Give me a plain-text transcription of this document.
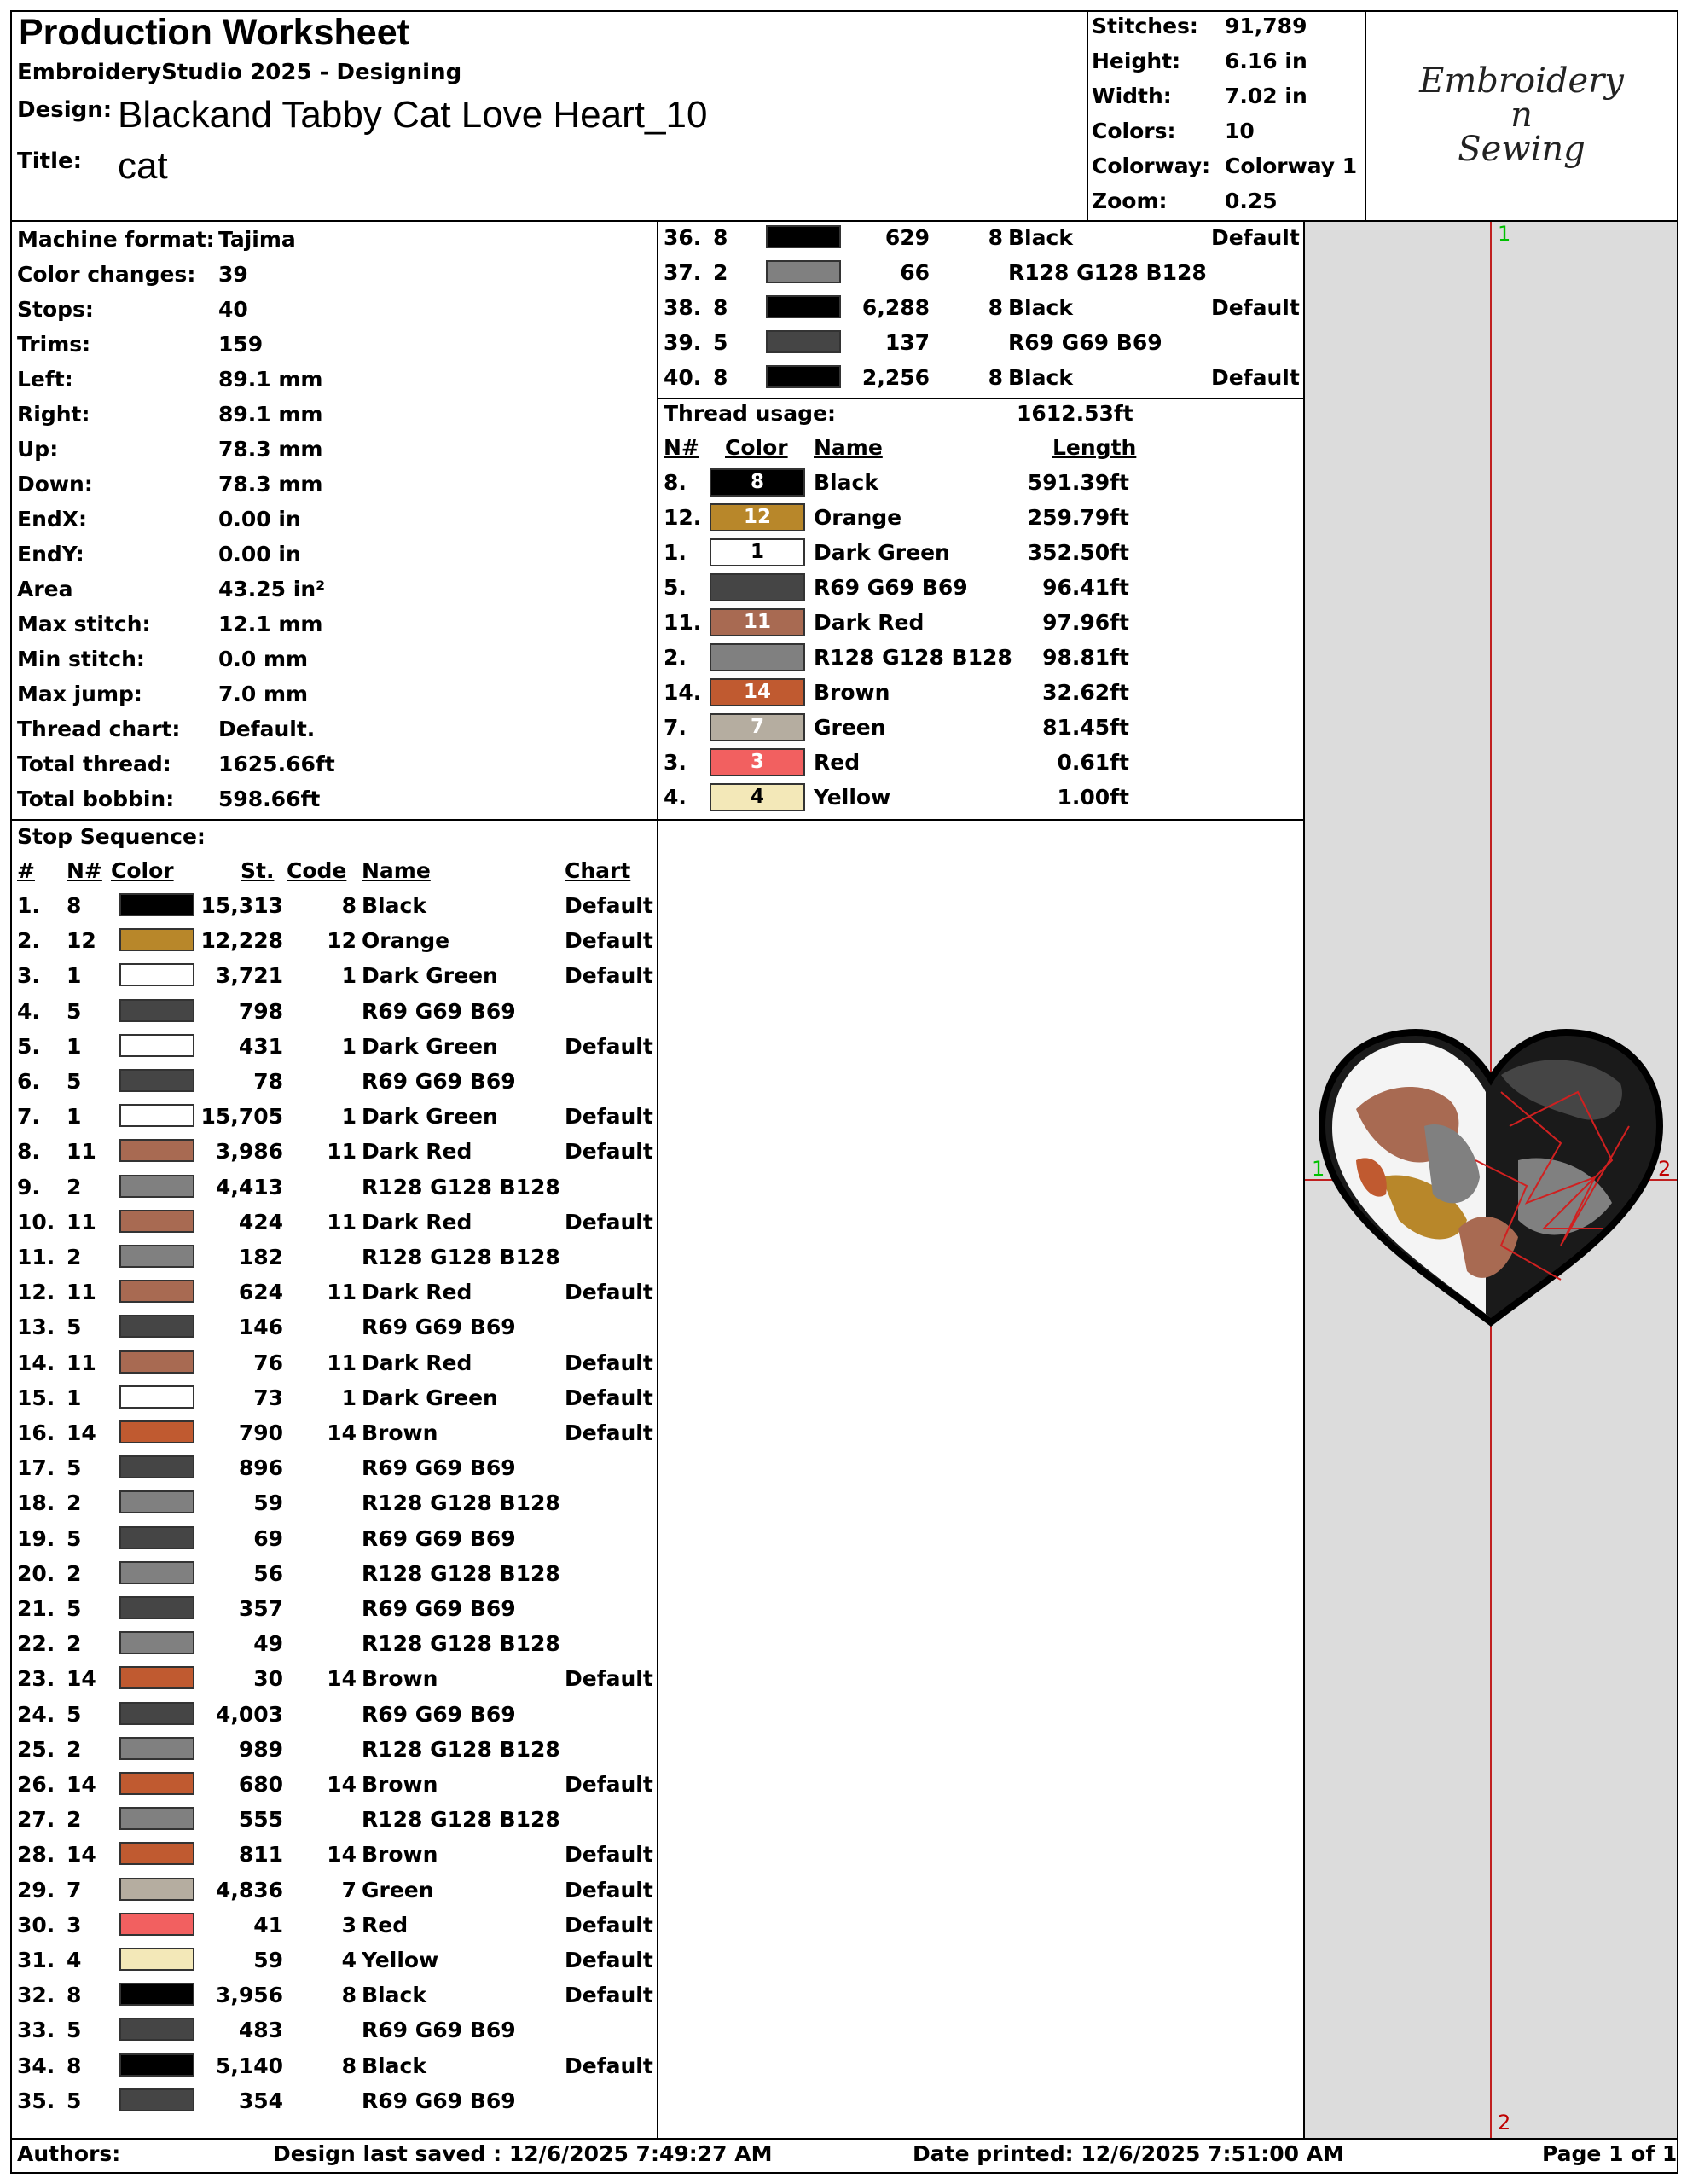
Production Worksheet
EmbroideryStudio 2025 - Designing
Design: Blackand Tabby Cat Love Heart_10
Title: cat
Stitches: 91,789
Height: 6.16 in
Width: 7.02 in
Colors: 10
Colorway: Colorway 1
Zoom:	0.25
Embroidery
n
Sewing
Machine format: Tajima
Color changes: 39
Stops:	40
Trims:	159
Left:	89.1 mm
Right:	89.1 mm
Up:	78.3 mm
Down:	78.3 mm
EndX:	0.00 in
EndY:	0.00 in
Area	43.25 in²
Max stitch:	12.1 mm
Min stitch:	0.0 mm
Max jump:	7.0 mm
Thread chart: Default.
Total thread: 1625.66ft
Total bobbin: 598.66ft
Stop Sequence:
# N# Color	St. Code Name	Chart
1. 8	15,313	8 Black	Default
2. 12	12,228 12 Orange	Default
3. 1	3,721	1 Dark Green	Default
4. 5	798	R69 G69 B69
5. 1	431	1 Dark Green	Default
6. 5	78	R69 G69 B69
7. 1	15,705	1 Dark Green	Default
8. 11	3,986 11 Dark Red	Default
9. 2	4,413	R128 G128 B128
10. 11	424 11 Dark Red	Default
11. 2	182	R128 G128 B128
12. 11	624 11 Dark Red	Default
13. 5	146	R69 G69 B69
14. 11	76 11 Dark Red	Default
15. 1	73	1 Dark Green	Default
16. 14	790 14 Brown	Default
17. 5	896	R69 G69 B69
18. 2	59	R128 G128 B128
19. 5	69	R69 G69 B69
20. 2	56	R128 G128 B128
21. 5	357	R69 G69 B69
22. 2	49	R128 G128 B128
23. 14	30 14 Brown	Default
24. 5	4,003	R69 G69 B69
25. 2	989	R128 G128 B128
26. 14	680 14 Brown	Default
27. 2	555	R128 G128 B128
28. 14	811 14 Brown	Default
29. 7	4,836	7 Green	Default
30. 3	41	3 Red	Default
31. 4	59	4 Yellow	Default
32. 8	3,956	8 Black	Default
33. 5	483	R69 G69 B69
34. 8	5,140	8 Black	Default
35. 5	354	R69 G69 B69
36. 8	629	8 Black	Default
37. 2	66	R128 G128 B128
38. 8	6,288	8 Black	Default
39. 5	137	R69 G69 B69
40. 8	2,256	8 Black	Default
Thread usage:	1612.53ft
N# Color Name	Length
8.	8	Black	591.39ft
12.	12	Orange	259.79ft
1.	1	Dark Green	352.50ft
5.	R69 G69 B69	96.41ft
11.	11	Dark Red	97.96ft
2.	R128 G128 B128 98.81ft
14.	14	Brown	32.62ft
7.	7	Green	81.45ft
3.	3	Red	0.61ft
4.	4	Yellow	1.00ft
1
2
1	2
Authors:	Design last saved : 12/6/2025 7:49:27 AM	Date printed: 12/6/2025 7:51:00 AM	Page 1 of 1
